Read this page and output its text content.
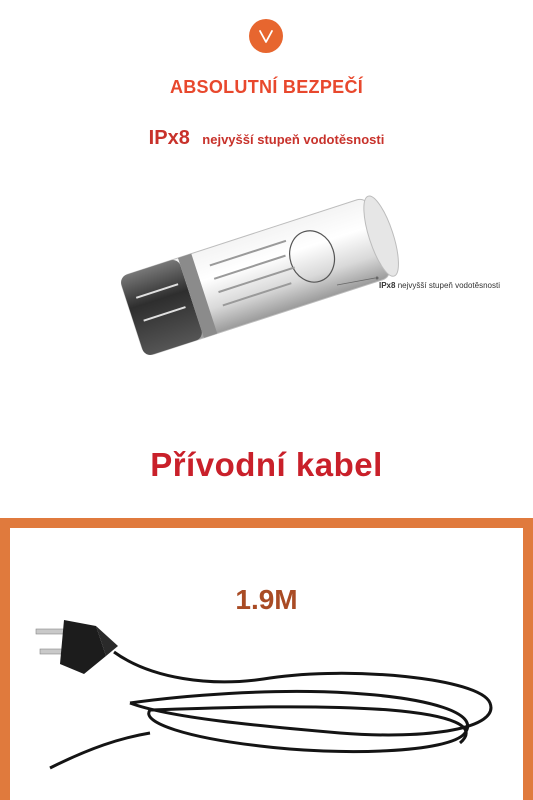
ABSOLUTNÍ BEZPEČÍ
IPx8 nejvyšší stupeň vodotěsnosti
IPx8 nejvyšší stupeň vodotěsnosti
Přívodní kabel
1.9M
